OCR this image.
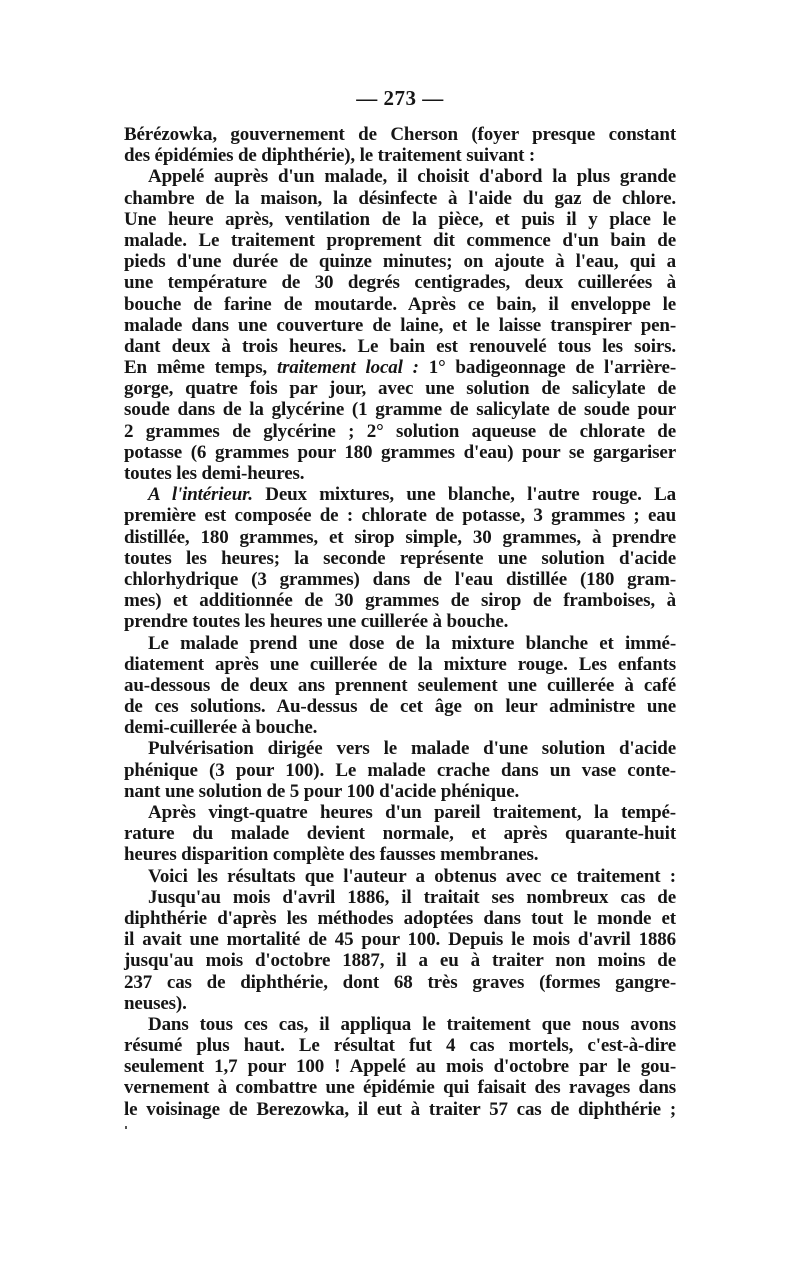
— 273 —
Bérézowka, gouvernement de Cherson (foyer presque constant
des épidémies de diphthérie), le traitement suivant :
Appelé auprès d'un malade, il choisit d'abord la plus grande
chambre de la maison, la désinfecte à l'aide du gaz de chlore.
Une heure après, ventilation de la pièce, et puis il y place le
malade. Le traitement proprement dit commence d'un bain de
pieds d'une durée de quinze minutes; on ajoute à l'eau, qui a
une température de 30 degrés centigrades, deux cuillerées à
bouche de farine de moutarde. Après ce bain, il enveloppe le
malade dans une couverture de laine, et le laisse transpirer pen-
dant deux à trois heures. Le bain est renouvelé tous les soirs.
En même temps, traitement local : 1° badigeonnage de l'arrière-
gorge, quatre fois par jour, avec une solution de salicylate de
soude dans de la glycérine (1 gramme de salicylate de soude pour
2 grammes de glycérine ; 2° solution aqueuse de chlorate de
potasse (6 grammes pour 180 grammes d'eau) pour se gargariser
toutes les demi-heures.
A l'intérieur. Deux mixtures, une blanche, l'autre rouge. La
première est composée de : chlorate de potasse, 3 grammes ; eau
distillée, 180 grammes, et sirop simple, 30 grammes, à prendre
toutes les heures; la seconde représente une solution d'acide
chlorhydrique (3 grammes) dans de l'eau distillée (180 gram-
mes) et additionnée de 30 grammes de sirop de framboises, à
prendre toutes les heures une cuillerée à bouche.
Le malade prend une dose de la mixture blanche et immé-
diatement après une cuillerée de la mixture rouge. Les enfants
au-dessous de deux ans prennent seulement une cuillerée à café
de ces solutions. Au-dessus de cet âge on leur administre une
demi-cuillerée à bouche.
Pulvérisation dirigée vers le malade d'une solution d'acide
phénique (3 pour 100). Le malade crache dans un vase conte-
nant une solution de 5 pour 100 d'acide phénique.
Après vingt-quatre heures d'un pareil traitement, la tempé-
rature du malade devient normale, et après quarante-huit
heures disparition complète des fausses membranes.
Voici les résultats que l'auteur a obtenus avec ce traitement :
Jusqu'au mois d'avril 1886, il traitait ses nombreux cas de
diphthérie d'après les méthodes adoptées dans tout le monde et
il avait une mortalité de 45 pour 100. Depuis le mois d'avril 1886
jusqu'au mois d'octobre 1887, il a eu à traiter non moins de
237 cas de diphthérie, dont 68 très graves (formes gangre-
neuses).
Dans tous ces cas, il appliqua le traitement que nous avons
résumé plus haut. Le résultat fut 4 cas mortels, c'est-à-dire
seulement 1,7 pour 100 ! Appelé au mois d'octobre par le gou-
vernement à combattre une épidémie qui faisait des ravages dans
le voisinage de Berezowka, il eut à traiter 57 cas de diphthérie ;
